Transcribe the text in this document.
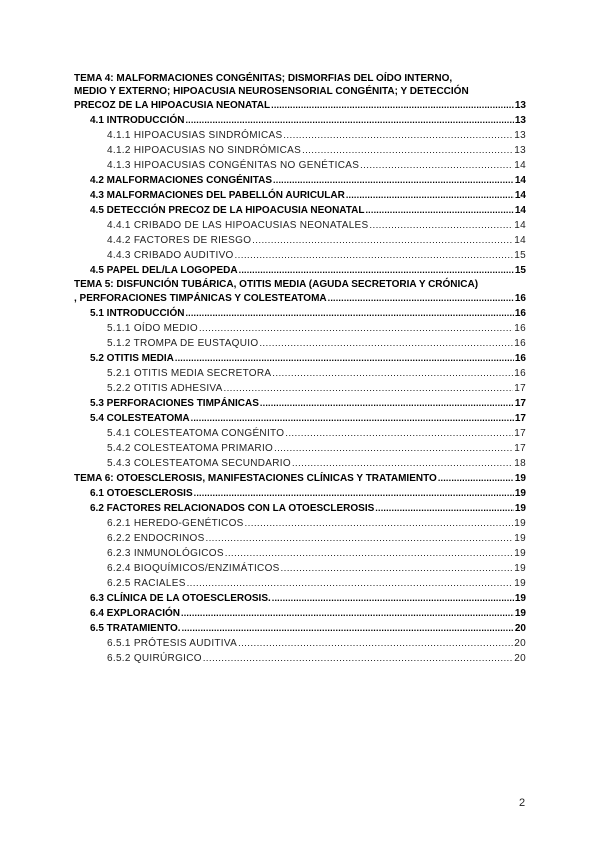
TEMA 4: MALFORMACIONES CONGÉNITAS; DISMORFIAS DEL OÍDO INTERNO,
MEDIO Y EXTERNO; HIPOACUSIA NEUROSENSORIAL CONGÉNITA; Y DETECCIÓN
PRECOZ DE LA HIPOACUSIA NEONATAL .....	13
4.1 INTRODUCCIÓN .....	13
4.1.1 HIPOACUSIAS SINDRÓMICAS .....	13
4.1.2 HIPOACUSIAS NO SINDRÓMICAS .....	13
4.1.3 HIPOACUSIAS CONGÉNITAS NO GENÉTICAS .....	14
4.2 MALFORMACIONES CONGÉNITAS .....	14
4.3 MALFORMACIONES DEL PABELLÓN AURICULAR .....	14
4.5 DETECCIÓN PRECOZ DE LA HIPOACUSIA NEONATAL .....	14
4.4.1 CRIBADO DE LAS HIPOACUSIAS NEONATALES .....	14
4.4.2 FACTORES DE RIESGO .....	14
4.4.3 CRIBADO AUDITIVO .....	15
4.5 PAPEL DEL/LA LOGOPEDA .....	15
TEMA 5: DISFUNCIÓN TUBÁRICA, OTITIS MEDIA (AGUDA SECRETORIA Y CRÓNICA)
, PERFORACIONES TIMPÁNICAS Y COLESTEATOMA .....	16
5.1 INTRODUCCIÓN .....	16
5.1.1 OÍDO MEDIO .....	16
5.1.2 TROMPA DE EUSTAQUIO .....	16
5.2 OTITIS MEDIA .....	16
5.2.1 OTITIS MEDIA SECRETORA .....	16
5.2.2 OTITIS ADHESIVA .....	17
5.3 PERFORACIONES TIMPÁNICAS .....	17
5.4 COLESTEATOMA .....	17
5.4.1 COLESTEATOMA CONGÉNITO .....	17
5.4.2 COLESTEATOMA PRIMARIO .....	17
5.4.3 COLESTEATOMA SECUNDARIO .....	18
TEMA 6: OTOESCLEROSIS, MANIFESTACIONES CLÍNICAS Y TRATAMIENTO .....	19
6.1 OTOESCLEROSIS .....	19
6.2 FACTORES RELACIONADOS CON LA OTOESCLEROSIS .....	19
6.2.1 HEREDO-GENÉTICOS .....	19
6.2.2 ENDOCRINOS .....	19
6.2.3 INMUNOLÓGICOS .....	19
6.2.4 BIOQUÍMICOS/ENZIMÁTICOS .....	19
6.2.5 RACIALES .....	19
6.3 CLÍNICA DE LA OTOESCLEROSIS. .....	19
6.4 EXPLORACIÓN .....	19
6.5 TRATAMIENTO. .....	20
6.5.1 PRÓTESIS AUDITIVA .....	20
6.5.2 QUIRÚRGICO .....	20
2
